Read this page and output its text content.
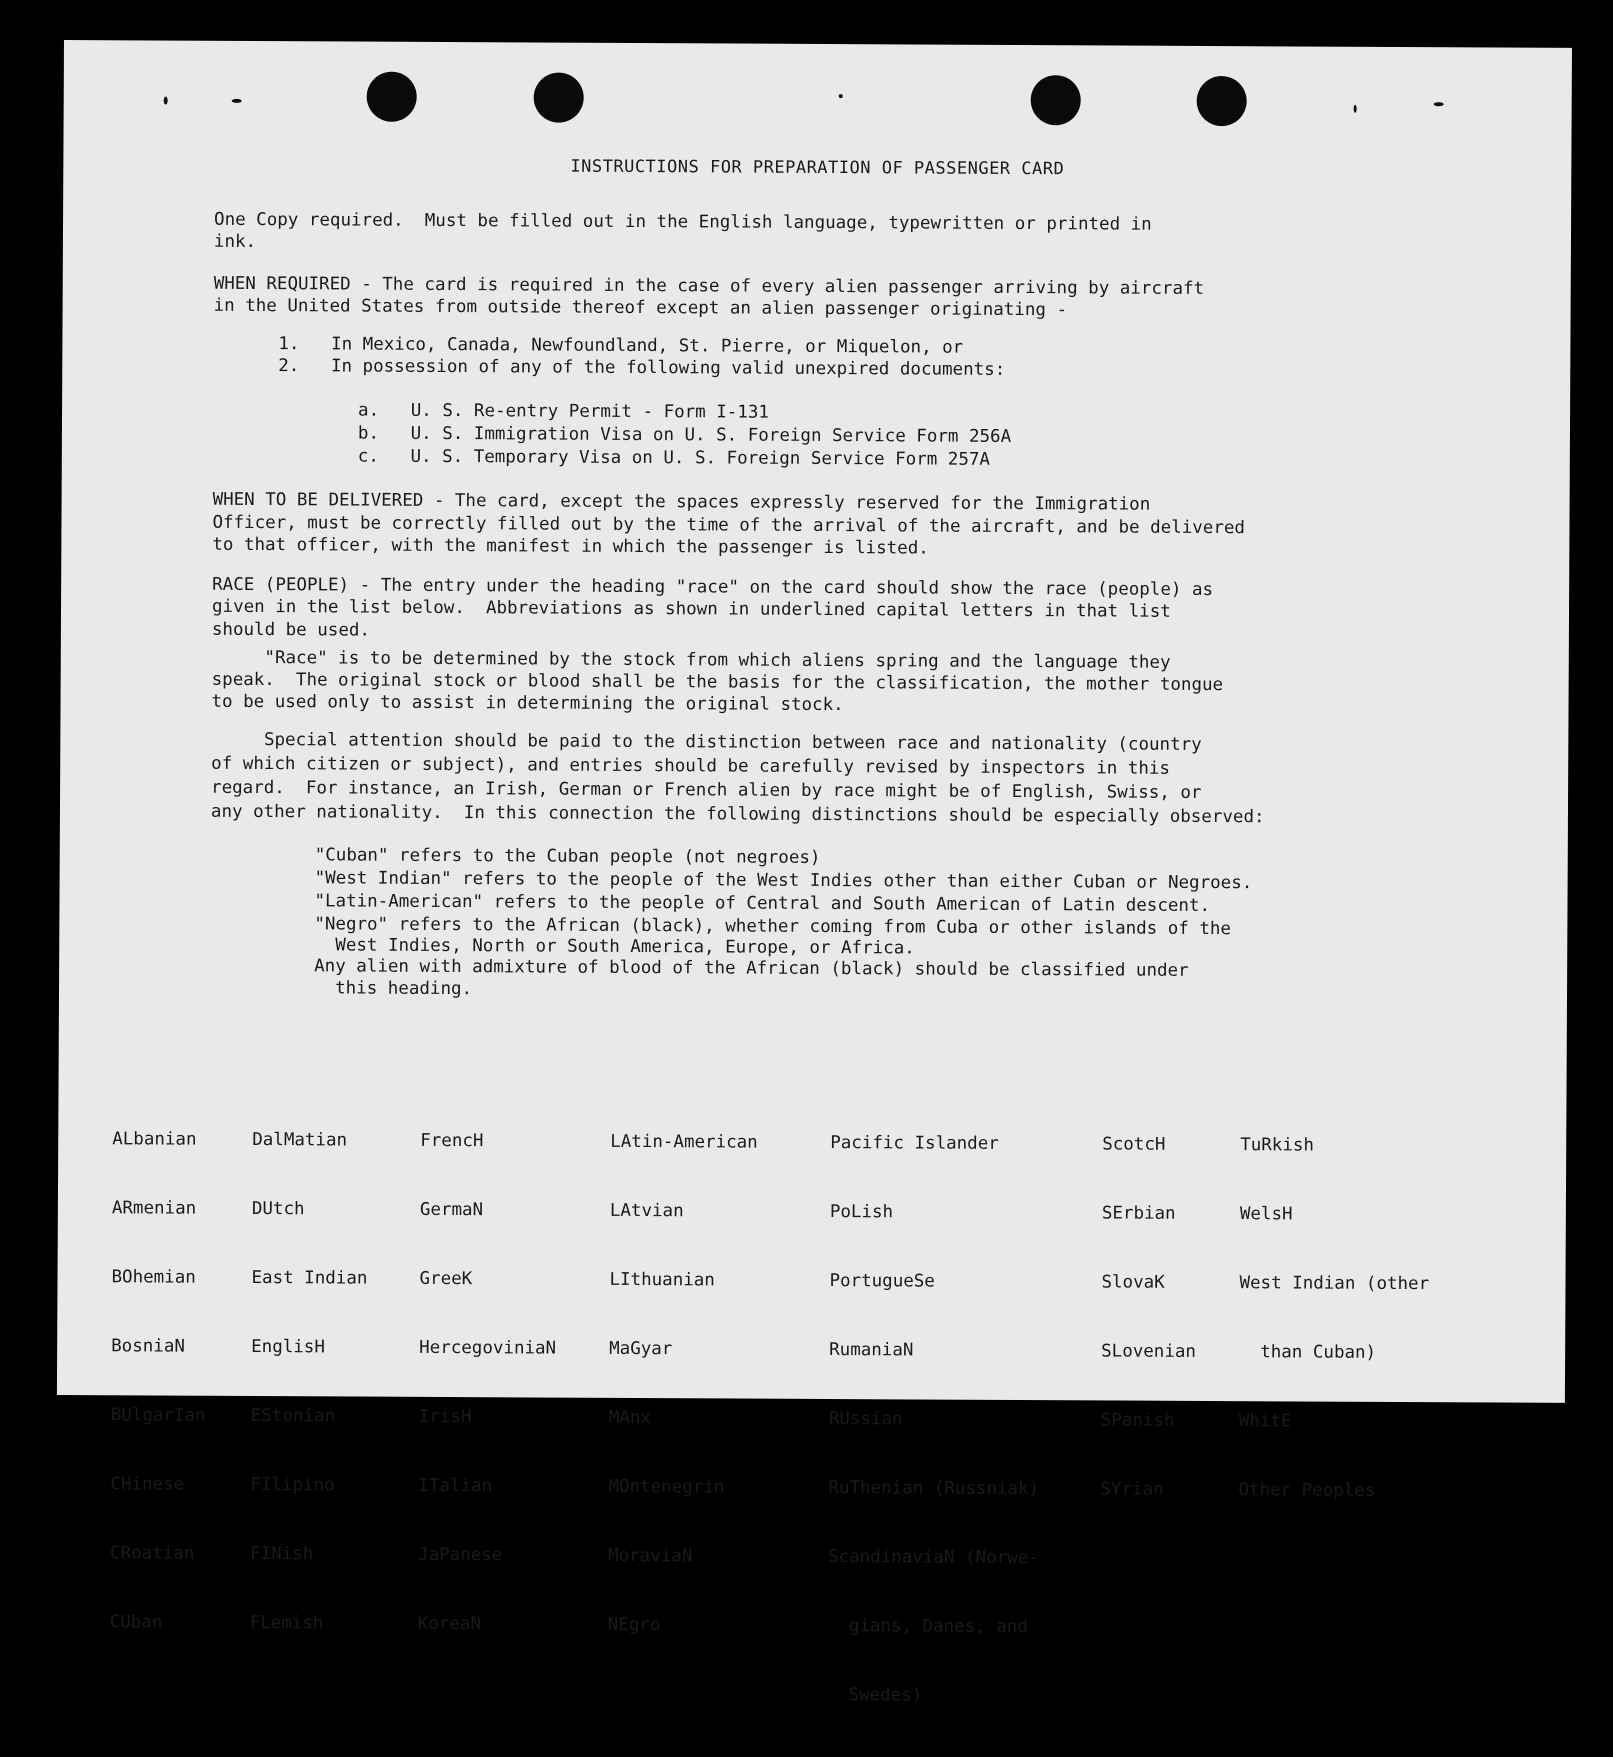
INSTRUCTIONS FOR PREPARATION OF PASSENGER CARD
One Copy required.  Must be filled out in the English language, typewritten or printed in
ink.
WHEN REQUIRED - The card is required in the case of every alien passenger arriving by aircraft
in the United States from outside thereof except an alien passenger originating -
1.   In Mexico, Canada, Newfoundland, St. Pierre, or Miquelon, or
2.   In possession of any of the following valid unexpired documents:
a.   U. S. Re-entry Permit - Form I-131
b.   U. S. Immigration Visa on U. S. Foreign Service Form 256A
c.   U. S. Temporary Visa on U. S. Foreign Service Form 257A
WHEN TO BE DELIVERED - The card, except the spaces expressly reserved for the Immigration
Officer, must be correctly filled out by the time of the arrival of the aircraft, and be delivered
to that officer, with the manifest in which the passenger is listed.
RACE (PEOPLE) - The entry under the heading "race" on the card should show the race (people) as
given in the list below.  Abbreviations as shown in underlined capital letters in that list
should be used.
"Race" is to be determined by the stock from which aliens spring and the language they
speak.  The original stock or blood shall be the basis for the classification, the mother tongue
to be used only to assist in determining the original stock.
Special attention should be paid to the distinction between race and nationality (country
of which citizen or subject), and entries should be carefully revised by inspectors in this
regard.  For instance, an Irish, German or French alien by race might be of English, Swiss, or
any other nationality.  In this connection the following distinctions should be especially observed:
"Cuban" refers to the Cuban people (not negroes)
"West Indian" refers to the people of the West Indies other than either Cuban or Negroes.
"Latin-American" refers to the people of Central and South American of Latin descent.
"Negro" refers to the African (black), whether coming from Cuba or other islands of the
West Indies, North or South America, Europe, or Africa.
Any alien with admixture of blood of the African (black) should be classified under
this heading.

ALbanian

ARmenian

BOhemian

BosniaN

BUlgarIan

CHinese

CRoatian

CUban

DalMatian

DUtch

East Indian

EnglisH

EStonian

FIlipino

FINish

FLemish

FrencH

GermaN

GreeK

HercegoviniaN

IrisH

ITalian

JaPanese

KoreaN

LAtin-American

LAtvian

LIthuanian

MaGyar

MAnx

MOntenegrin

MoraviaN

NEgro

Pacific Islander

PoLish

PortugueSe

RumaniaN

RUssian

RuThenian (Russniak)

ScandinaviaN (Norwe-

gians, Danes, and

Swedes)

ScotcH

SErbian

SlovaK

SLovenian

SPanish

SYrian

TuRkish

WelsH

West Indian (other

than Cuban)

WhitE

Other Peoples
